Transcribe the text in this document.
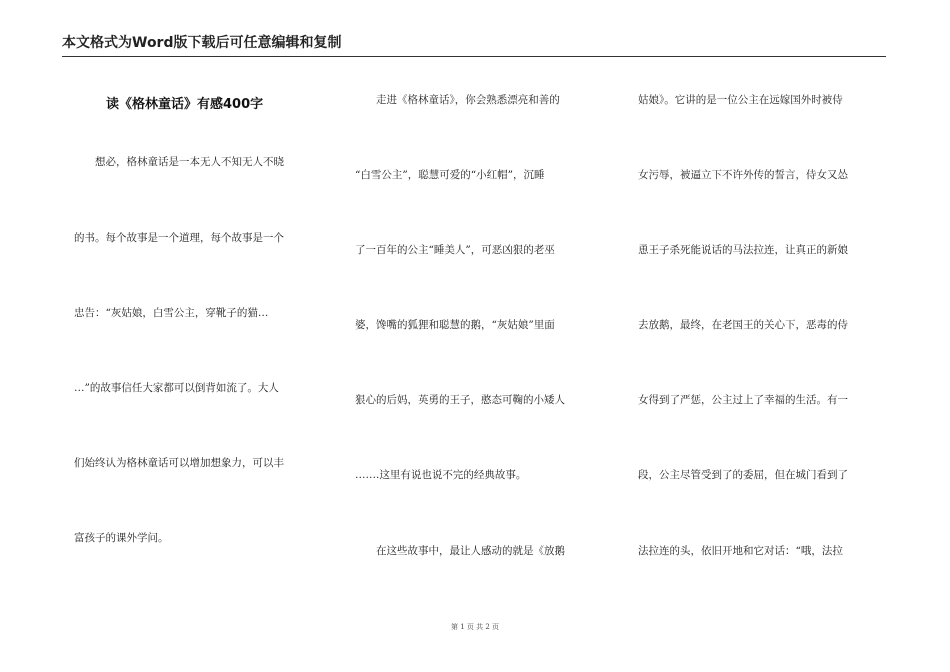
本文格式为Word版下载后可任意编辑和复制
读《格林童话》有感400字
　　想必，格林童话是一本无人不知无人不晓
的书。每个故事是一个道理，每个故事是一个
忠告：“灰姑娘，白雪公主，穿靴子的猫…
…”的故事信任大家都可以倒背如流了。大人
们始终认为格林童话可以增加想象力，可以丰
富孩子的课外学问。
　　走进《格林童话》，你会熟悉漂亮和善的
“白雪公主”，聪慧可爱的“小红帽”，沉睡
了一百年的公主“睡美人”，可恶凶狠的老巫
婆，馋嘴的狐狸和聪慧的鹅，“灰姑娘”里面
狠心的后妈，英勇的王子，憨态可鞠的小矮人
…….这里有说也说不完的经典故事。
　　在这些故事中，最让人感动的就是《放鹅
姑娘》。它讲的是一位公主在远嫁国外时被侍
女污辱，被逼立下不许外传的誓言，侍女又怂
恿王子杀死能说话的马法拉连，让真正的新娘
去放鹅，最终，在老国王的关心下，恶毒的侍
女得到了严惩，公主过上了幸福的生活。有一
段，公主尽管受到了的委屈，但在城门看到了
法拉连的头，依旧开地和它对话：“哦，法拉
第 1 页 共 2 页
